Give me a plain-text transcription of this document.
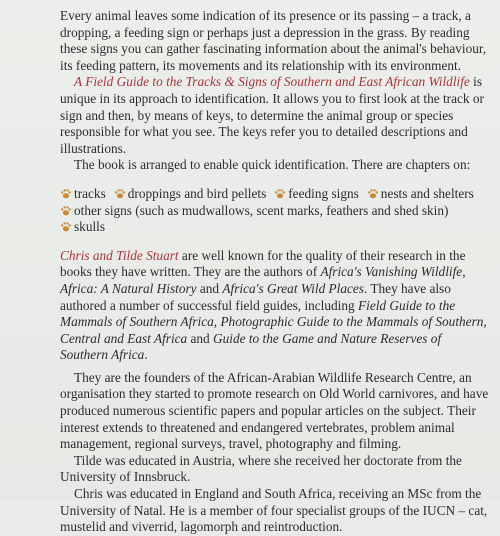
Every animal leaves some indication of its presence or its passing – a track, a dropping, a feeding sign or perhaps just a depression in the grass. By reading these signs you can gather fascinating information about the animal's behaviour, its feeding pattern, its movements and its relationship with its environment.

A Field Guide to the Tracks & Signs of Southern and East African Wildlife is unique in its approach to identification. It allows you to first look at the track or sign and then, by means of keys, to determine the animal group or species responsible for what you see. The keys refer you to detailed descriptions and illustrations.

The book is arranged to enable quick identification. There are chapters on:

tracks droppings and bird pellets feeding signs nests and shelters
other signs (such as mudwallows, scent marks, feathers and shed skin)

skulls

Chris and Tilde Stuart are well known for the quality of their research in the books they have written. They are the authors of Africa's Vanishing Wildlife, Africa: A Natural History and Africa's Great Wild Places. They have also authored a number of successful field guides, including Field Guide to the Mammals of Southern Africa, Photographic Guide to the Mammals of Southern, Central and East Africa and Guide to the Game and Nature Reserves of Southern Africa.

They are the founders of the African-Arabian Wildlife Research Centre, an organisation they started to promote research on Old World carnivores, and have produced numerous scientific papers and popular articles on the subject. Their interest extends to threatened and endangered vertebrates, problem animal management, regional surveys, travel, photography and filming.

Tilde was educated in Austria, where she received her doctorate from the University of Innsbruck.

Chris was educated in England and South Africa, receiving an MSc from the University of Natal. He is a member of four specialist groups of the IUCN – cat, mustelid and viverrid, lagomorph and reintroduction.
